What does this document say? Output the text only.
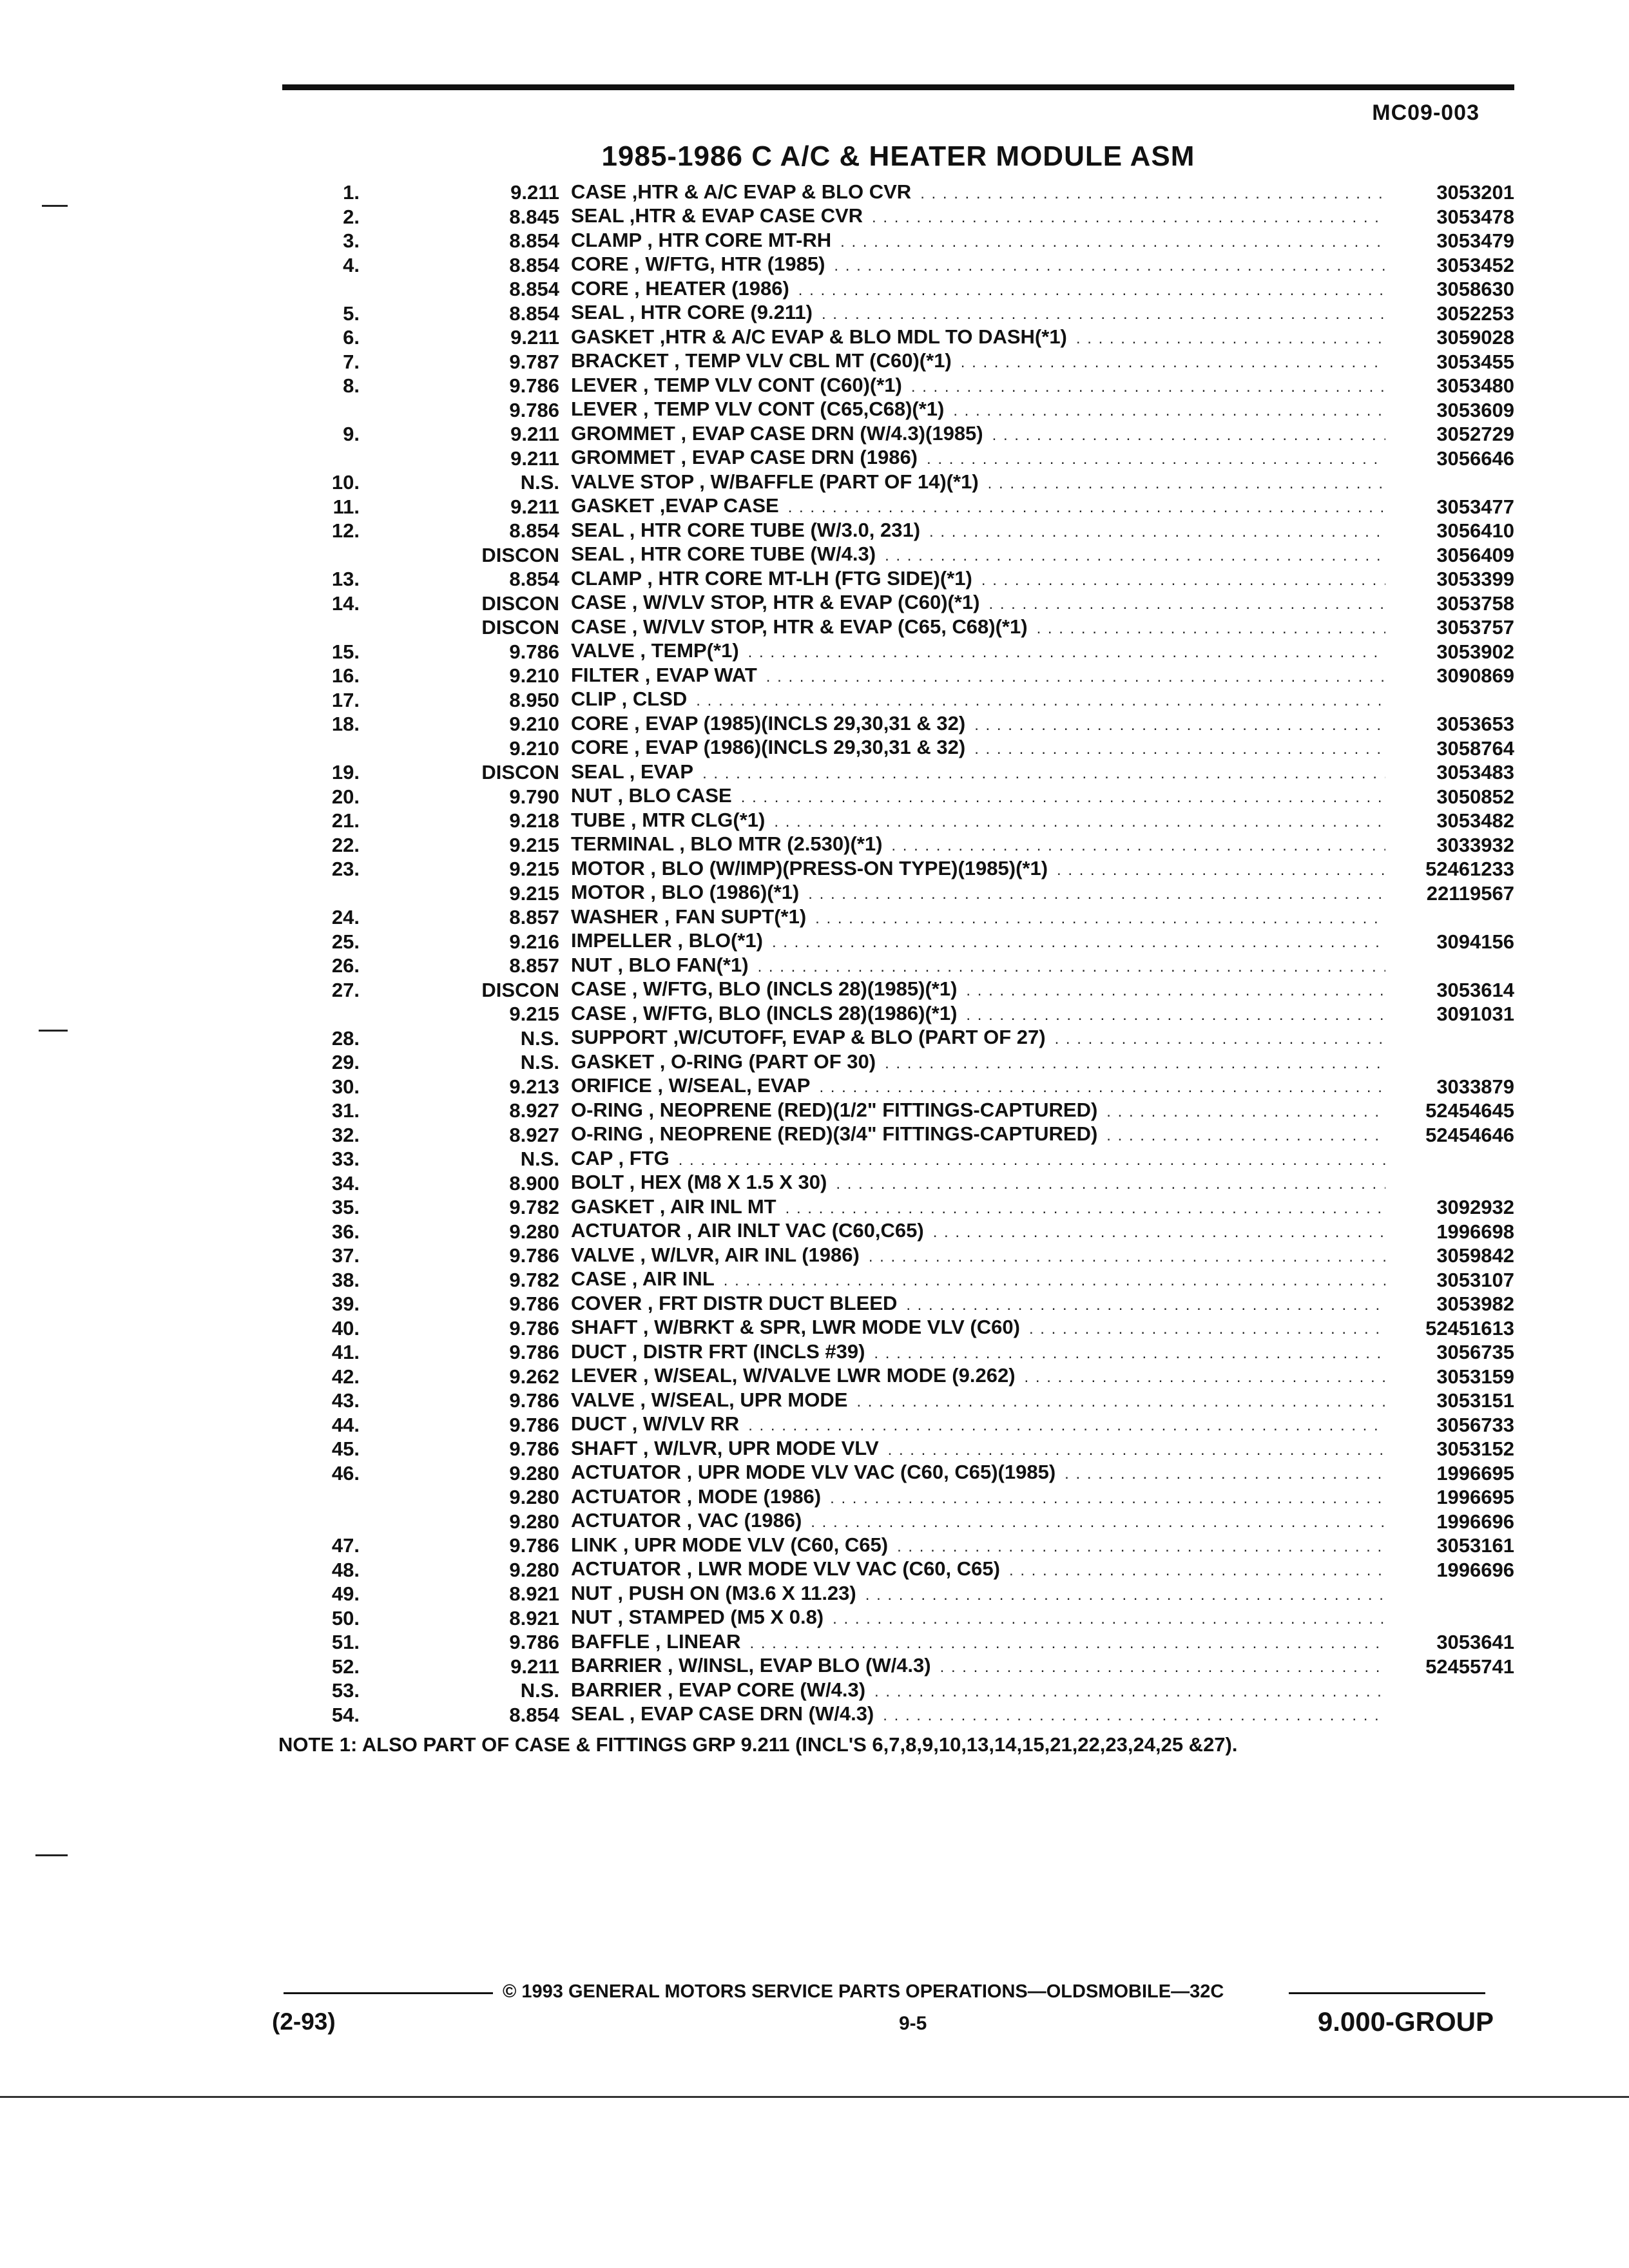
MC09-003
1985-1986 C A/C & HEATER MODULE ASM
1.	9.211 CASE ,HTR & A/C EVAP & BLO CVR . . .	3053201
2.	8.845 SEAL ,HTR & EVAP CASE CVR . . .	3053478
3.	8.854 CLAMP , HTR CORE MT-RH . . .	3053479
4.	8.854 CORE , W/FTG, HTR (1985) . . .	3053452
8.854 CORE , HEATER (1986) . . .	3058630
5.	8.854 SEAL , HTR CORE (9.211) . . .	3052253
6.	9.211 GASKET ,HTR & A/C EVAP & BLO MDL TO DASH(*1) . . .	3059028
7.	9.787 BRACKET , TEMP VLV CBL MT (C60)(*1) . . .	3053455
8.	9.786 LEVER , TEMP VLV CONT (C60)(*1) . . .	3053480
9.786 LEVER , TEMP VLV CONT (C65,C68)(*1) . . .	3053609
9.	9.211 GROMMET , EVAP CASE DRN (W/4.3)(1985) . . .	3052729
9.211 GROMMET , EVAP CASE DRN (1986) . . .	3056646
10.	N.S. VALVE STOP , W/BAFFLE (PART OF 14)(*1) . . .
11.	9.211 GASKET ,EVAP CASE . . .	3053477
12.	8.854 SEAL , HTR CORE TUBE (W/3.0, 231) . . .	3056410
DISCON SEAL , HTR CORE TUBE (W/4.3) . . .	3056409
13.	8.854 CLAMP , HTR CORE MT-LH (FTG SIDE)(*1) . . .	3053399
14.	DISCON CASE , W/VLV STOP, HTR & EVAP (C60)(*1) . . .	3053758
DISCON CASE , W/VLV STOP, HTR & EVAP (C65, C68)(*1) . . .	3053757
15.	9.786 VALVE , TEMP(*1) . . .	3053902
16.	9.210 FILTER , EVAP WAT . . .	3090869
17.	8.950 CLIP , CLSD . . .
18.	9.210 CORE , EVAP (1985)(INCLS 29,30,31 & 32) . . .	3053653
9.210 CORE , EVAP (1986)(INCLS 29,30,31 & 32) . . .	3058764
19.	DISCON SEAL , EVAP . . .	3053483
20.	9.790 NUT , BLO CASE . . .	3050852
21.	9.218 TUBE , MTR CLG(*1) . . .	3053482
22.	9.215 TERMINAL , BLO MTR (2.530)(*1) . . .	3033932
23.	9.215 MOTOR , BLO (W/IMP)(PRESS-ON TYPE)(1985)(*1) . . .	52461233
9.215 MOTOR , BLO (1986)(*1) . . .	22119567
24.	8.857 WASHER , FAN SUPT(*1) . . .
25.	9.216 IMPELLER , BLO(*1) . . .	3094156
26.	8.857 NUT , BLO FAN(*1) . . .
27.	DISCON CASE , W/FTG, BLO (INCLS 28)(1985)(*1) . . .	3053614
9.215 CASE , W/FTG, BLO (INCLS 28)(1986)(*1) . . .	3091031
28.	N.S. SUPPORT ,W/CUTOFF, EVAP & BLO (PART OF 27) . . .
29.	N.S. GASKET , O-RING (PART OF 30) . . .
30.	9.213 ORIFICE , W/SEAL, EVAP . . .	3033879
31.	8.927 O-RING , NEOPRENE (RED)(1/2" FITTINGS-CAPTURED) . . .	52454645
32.	8.927 O-RING , NEOPRENE (RED)(3/4" FITTINGS-CAPTURED) . . .	52454646
33.	N.S. CAP , FTG . . .
34.	8.900 BOLT , HEX (M8 X 1.5 X 30) . . .
35.	9.782 GASKET , AIR INL MT . . .	3092932
36.	9.280 ACTUATOR , AIR INLT VAC (C60,C65) . . .	1996698
37.	9.786 VALVE , W/LVR, AIR INL (1986) . . .	3059842
38.	9.782 CASE , AIR INL . . .	3053107
39.	9.786 COVER , FRT DISTR DUCT BLEED . . .	3053982
40.	9.786 SHAFT , W/BRKT & SPR, LWR MODE VLV (C60) . . .	52451613
41.	9.786 DUCT , DISTR FRT (INCLS #39) . . .	3056735
42.	9.262 LEVER , W/SEAL, W/VALVE LWR MODE (9.262) . . .	3053159
43.	9.786 VALVE , W/SEAL, UPR MODE . . .	3053151
44.	9.786 DUCT , W/VLV RR . . .	3056733
45.	9.786 SHAFT , W/LVR, UPR MODE VLV . . .	3053152
46.	9.280 ACTUATOR , UPR MODE VLV VAC (C60, C65)(1985) . . .	1996695
9.280 ACTUATOR , MODE (1986) . . .	1996695
9.280 ACTUATOR , VAC (1986) . . .	1996696
47.	9.786 LINK , UPR MODE VLV (C60, C65) . . .	3053161
48.	9.280 ACTUATOR , LWR MODE VLV VAC (C60, C65) . . .	1996696
49.	8.921 NUT , PUSH ON (M3.6 X 11.23) . . .
50.	8.921 NUT , STAMPED (M5 X 0.8) . . .
51.	9.786 BAFFLE , LINEAR . . .	3053641
52.	9.211 BARRIER , W/INSL, EVAP BLO (W/4.3) . . .	52455741
53.	N.S. BARRIER , EVAP CORE (W/4.3) . . .
54.	8.854 SEAL , EVAP CASE DRN (W/4.3) . . .
NOTE 1: ALSO PART OF CASE & FITTINGS GRP 9.211 (INCL'S 6,7,8,9,10,13,14,15,21,22,23,24,25 &27).
© 1993 GENERAL MOTORS SERVICE PARTS OPERATIONS—OLDSMOBILE—32C
(2-93)	9-5	9.000-GROUP
